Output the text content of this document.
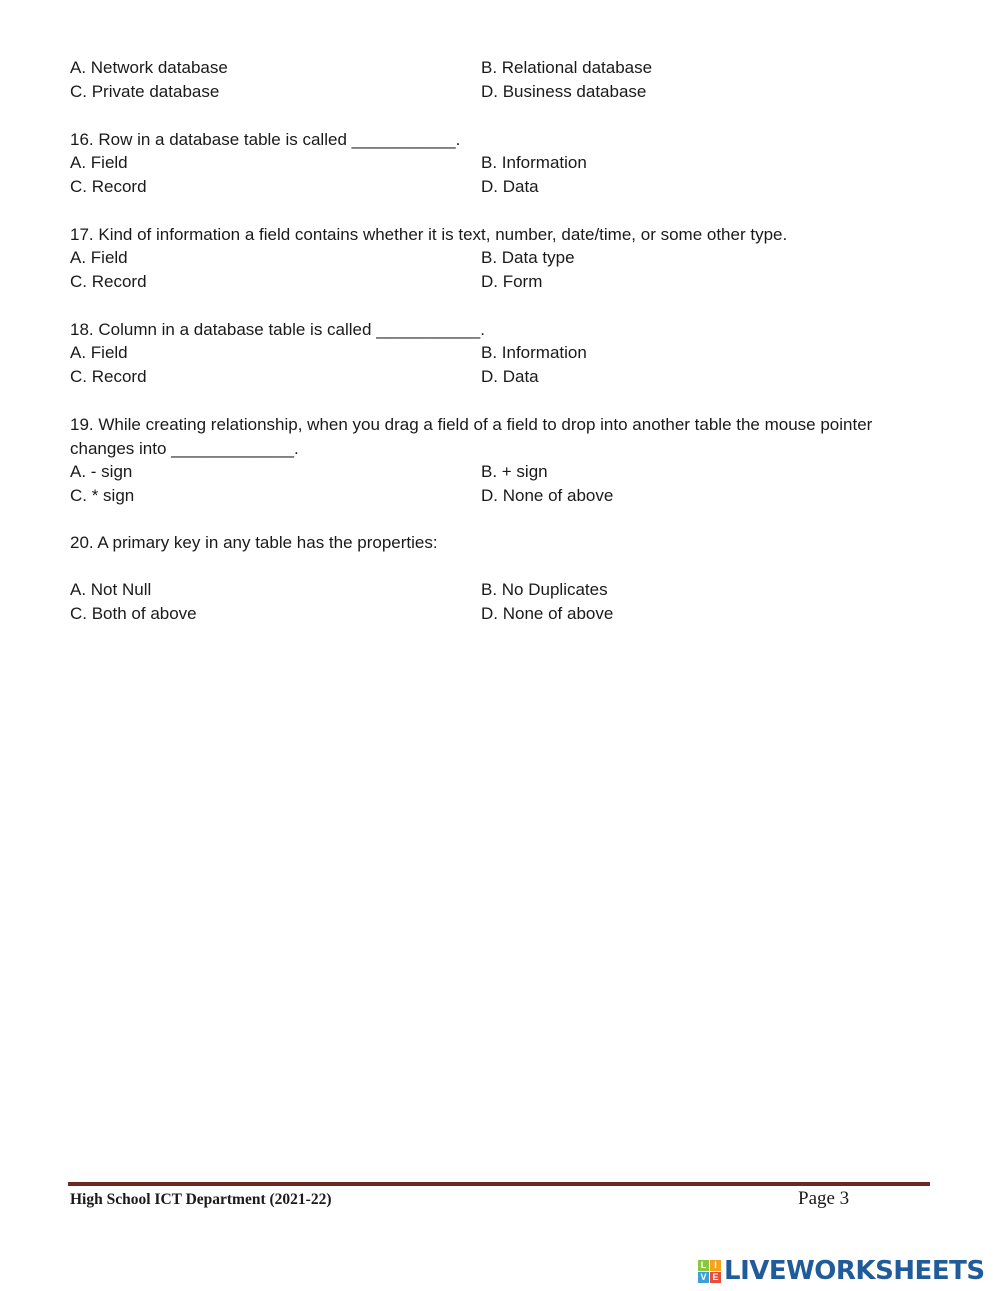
A. Network database	B. Relational database
C. Private database	D. Business database
16. Row in a database table is called ___________.
A. Field	B. Information
C. Record	D. Data
17. Kind of information a field contains whether it is text, number, date/time, or some other type.
A. Field	B. Data type
C. Record	D. Form
18. Column in a database table is called ___________.
A. Field	B. Information
C. Record	D. Data
19. While creating relationship, when you drag a field of a field to drop into another table the mouse pointer
changes into _____________.
A. - sign	B. + sign
C. * sign	D. None of above
20. A primary key in any table has the properties:
A. Not Null	B. No Duplicates
C. Both of above	D. None of above
High School ICT Department (2021-22)	Page 3
L I
V E LIVEWORKSHEETS
